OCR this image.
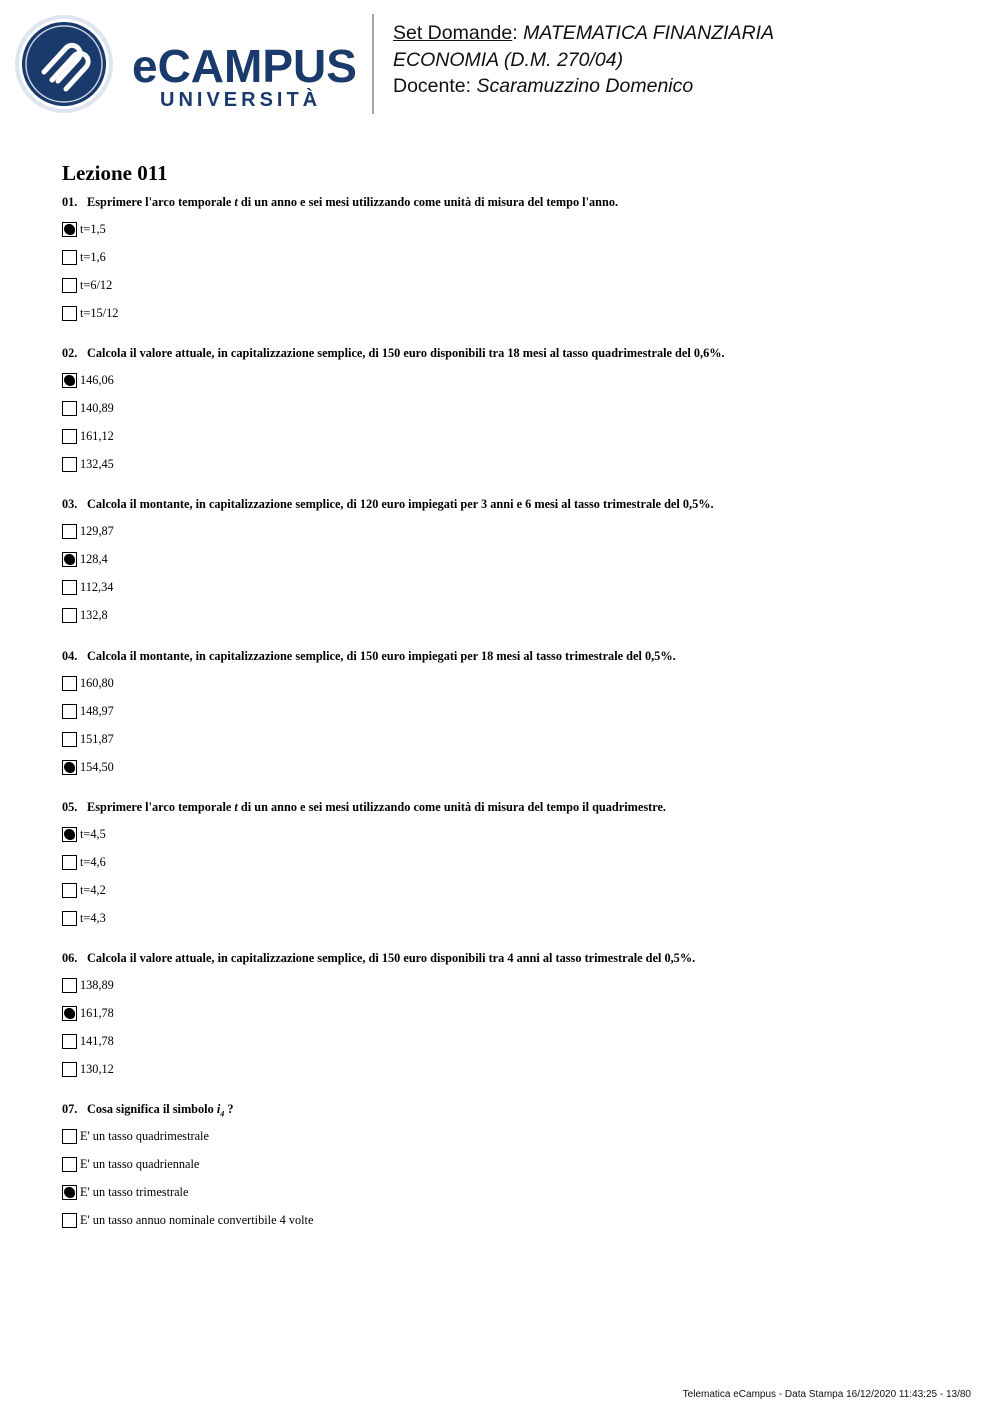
eCAMPUS
UNIVERSITÀ
Set Domande: MATEMATICA FINANZIARIA
ECONOMIA (D.M. 270/04)
Docente: Scaramuzzino Domenico
Lezione 011
01. Esprimere l'arco temporale t di un anno e sei mesi utilizzando come unità di misura del tempo l'anno.
t=1,5
t=1,6
t=6/12
t=15/12
02. Calcola il valore attuale, in capitalizzazione semplice, di 150 euro disponibili tra 18 mesi al tasso quadrimestrale del 0,6%.
146,06
140,89
161,12
132,45
03. Calcola il montante, in capitalizzazione semplice, di 120 euro impiegati per 3 anni e 6 mesi al tasso trimestrale del 0,5%.
129,87
128,4
112,34
132,8
04. Calcola il montante, in capitalizzazione semplice, di 150 euro impiegati per 18 mesi al tasso trimestrale del 0,5%.
160,80
148,97
151,87
154,50
05. Esprimere l'arco temporale t di un anno e sei mesi utilizzando come unità di misura del tempo il quadrimestre.
t=4,5
t=4,6
t=4,2
t=4,3
06. Calcola il valore attuale, in capitalizzazione semplice, di 150 euro disponibili tra 4 anni al tasso trimestrale del 0,5%.
138,89
161,78
141,78
130,12
07. Cosa significa il simbolo $i_4$ ?
E' un tasso quadrimestrale
E' un tasso quadriennale
E' un tasso trimestrale
E' un tasso annuo nominale convertibile 4 volte
Telematica eCampus - Data Stampa 16/12/2020 11:43:25 - 13/80
